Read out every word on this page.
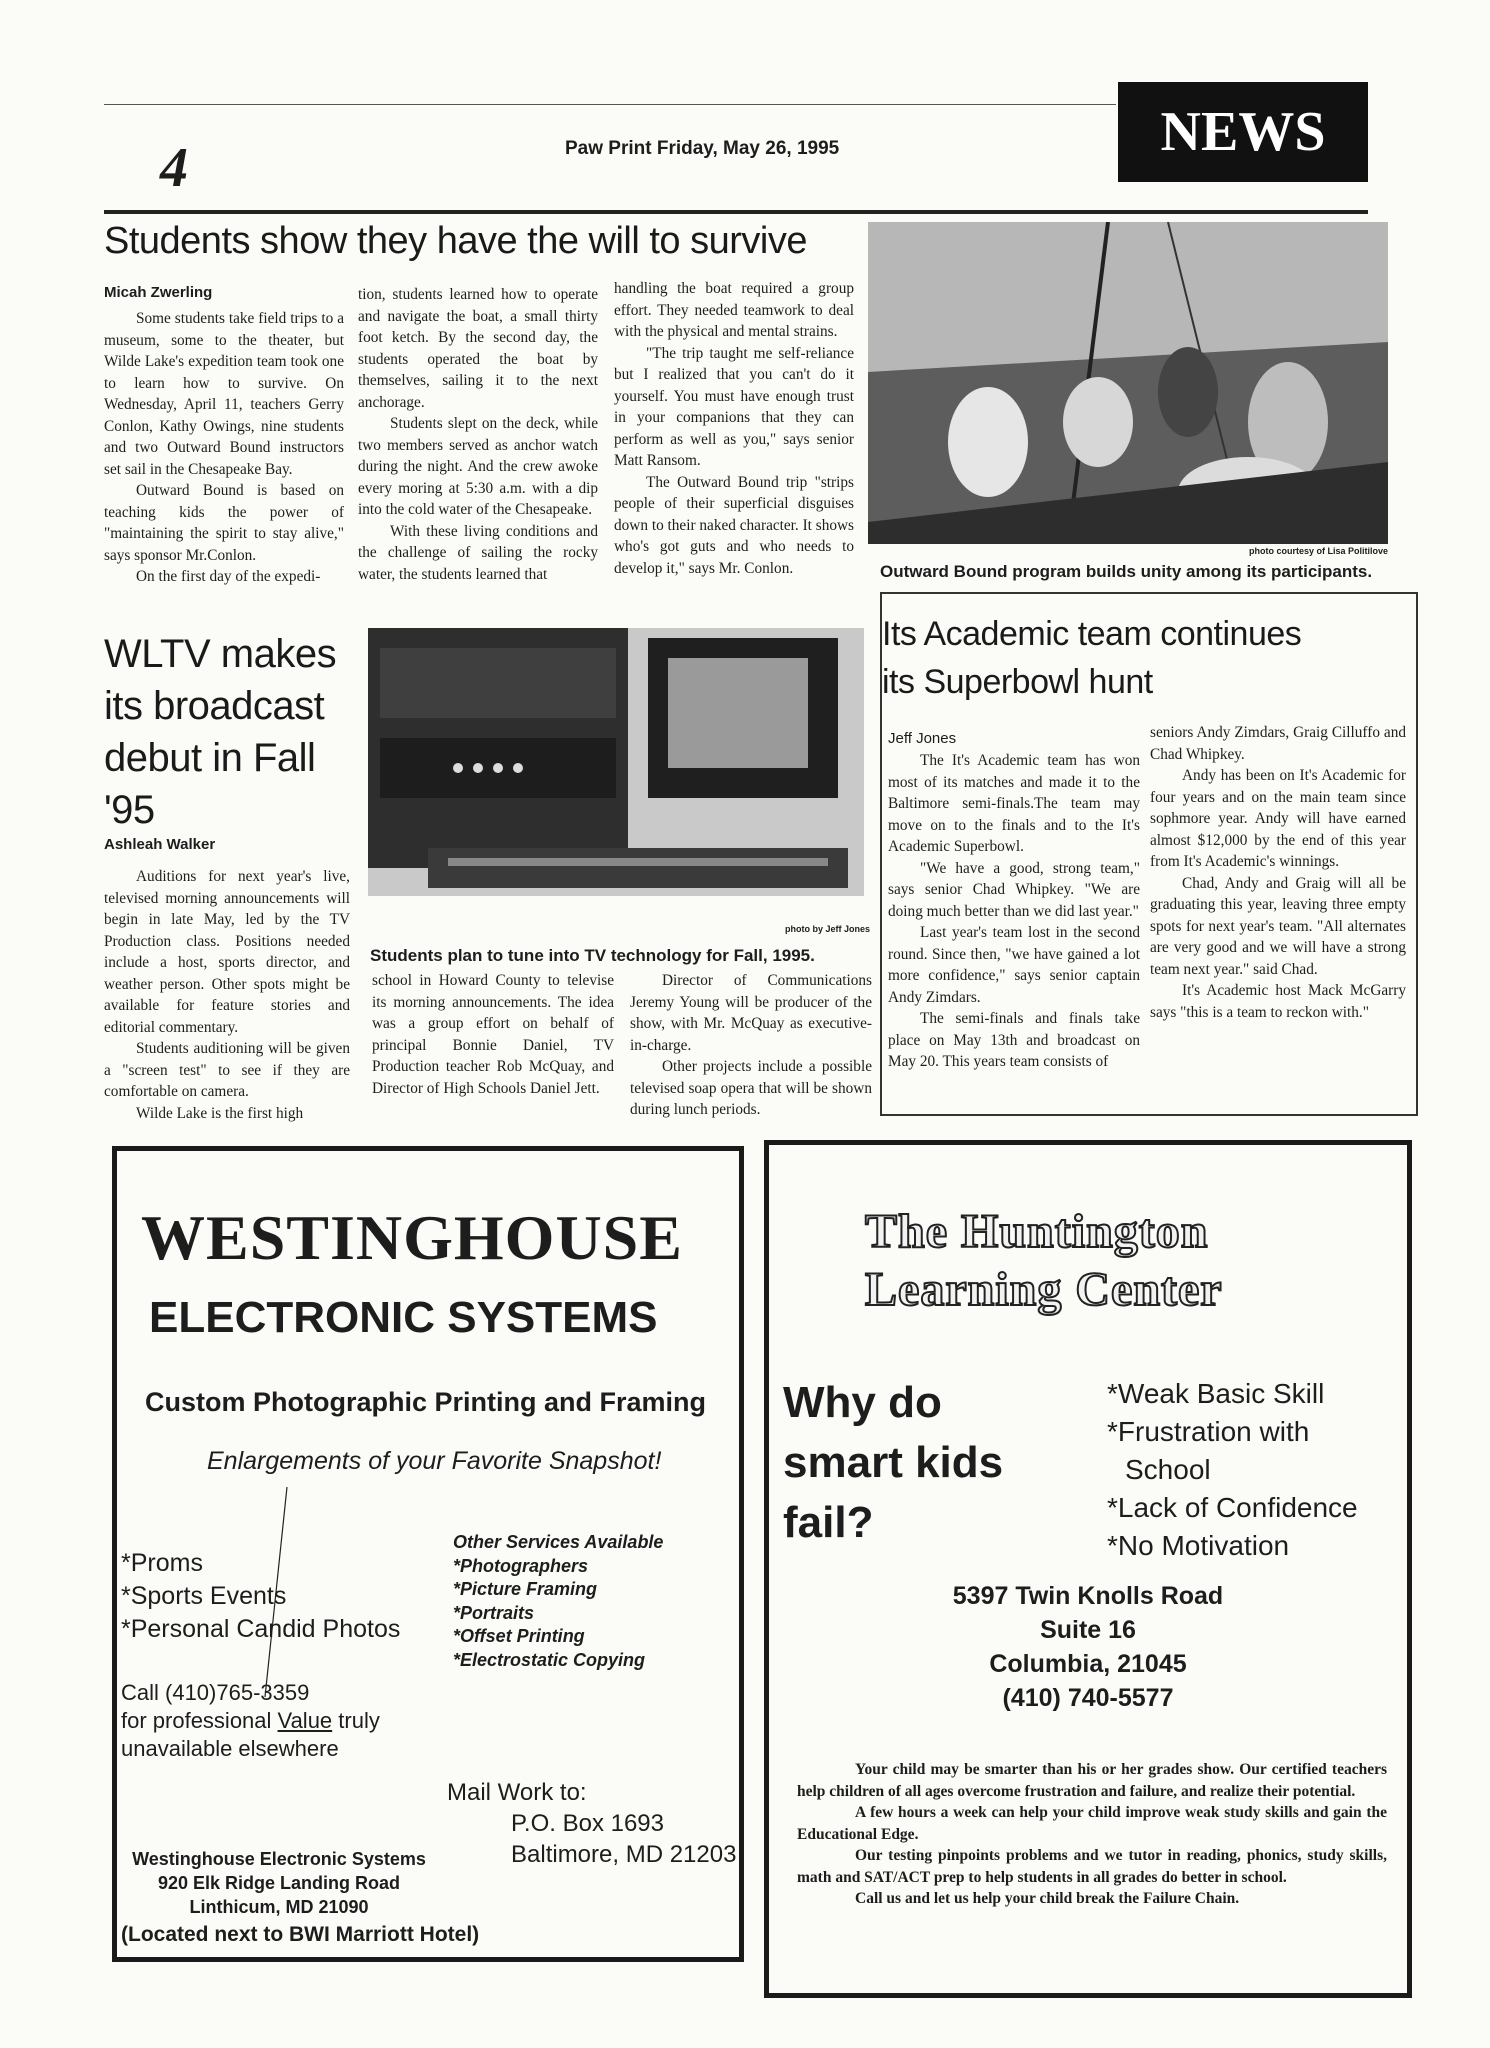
4	Paw Print Friday, May 26, 1995	NEWS
Students show they have the will to survive
Micah Zwerling

Some students take field trips to a museum, some to the theater, but Wilde Lake's expedition team took one to learn how to survive. On Wednesday, April 11, teachers Gerry Conlon, Kathy Owings, nine students and two Outward Bound instructors set sail in the Chesapeake Bay.

Outward Bound is based on teaching kids the power of "maintaining the spirit to stay alive," says sponsor Mr.Conlon.

On the first day of the expedi-

tion, students learned how to operate and navigate the boat, a small thirty foot ketch. By the second day, the students operated the boat by themselves, sailing it to the next anchorage.

Students slept on the deck, while two members served as anchor watch during the night. And the crew awoke every moring at 5:30 a.m. with a dip into the cold water of the Chesapeake.

With these living conditions and the challenge of sailing the rocky water, the students learned that

handling the boat required a group effort. They needed teamwork to deal with the physical and mental strains.

"The trip taught me self-reliance but I realized that you can't do it yourself. You must have enough trust in your companions that they can perform as well as you," says senior Matt Ransom.

The Outward Bound trip "strips people of their superficial disguises down to their naked character. It shows who's got guts and who needs to develop it," says Mr. Conlon.

photo courtesy of Lisa Politilove
Outward Bound program builds unity among its participants.
WLTV makes
its broadcast
debut in Fall
'95
Ashleah Walker

Auditions for next year's live, televised morning announcements will begin in late May, led by the TV Production class. Positions needed include a host, sports director, and weather person. Other spots might be available for feature stories and editorial commentary.

Students auditioning will be given a "screen test" to see if they are comfortable on camera.

Wilde Lake is the first high

photo by Jeff Jones
Students plan to tune into TV technology for Fall, 1995.

school in Howard County to televise its morning announcements. The idea was a group effort on behalf of principal Bonnie Daniel, TV Production teacher Rob McQuay, and Director of High Schools Daniel Jett.

Director of Communications Jeremy Young will be producer of the show, with Mr. McQuay as executive-in-charge.

Other projects include a possible televised soap opera that will be shown during lunch periods.

Its Academic team continues
its Superbowl hunt
Jeff Jones

The It's Academic team has won most of its matches and made it to the Baltimore semi-finals.The team may move on to the finals and to the It's Academic Superbowl.

"We have a good, strong team," says senior Chad Whipkey. "We are doing much better than we did last year."

Last year's team lost in the second round. Since then, "we have gained a lot more confidence," says senior captain Andy Zimdars.

The semi-finals and finals take place on May 13th and broadcast on May 20. This years team consists of

seniors Andy Zimdars, Graig Cilluffo and Chad Whipkey.

Andy has been on It's Academic for four years and on the main team since sophmore year. Andy will have earned almost $12,000 by the end of this year from It's Academic's winnings.

Chad, Andy and Graig will all be graduating this year, leaving three empty spots for next year's team. "All alternates are very good and we will have a strong team next year." said Chad.

It's Academic host Mack McGarry says "this is a team to reckon with."

WESTINGHOUSE
ELECTRONIC SYSTEMS
Custom Photographic Printing and Framing
Enlargements of your Favorite Snapshot!
*Proms
*Sports Events
*Personal Candid Photos
Other Services Available
*Photographers
*Picture Framing
*Portraits
*Offset Printing
*Electrostatic Copying
Call (410)765-3359
for professional Value truly
unavailable elsewhere
Mail Work to:
P.O. Box 1693
Baltimore, MD 21203
Westinghouse Electronic Systems
920 Elk Ridge Landing Road
Linthicum, MD 21090
(Located next to BWI Marriott Hotel)
The Huntington
Learning Center
Why do
smart kids
fail?
*Weak Basic Skill
*Frustration with
School
*Lack of Confidence
*No Motivation
5397 Twin Knolls Road
Suite 16
Columbia, 21045
(410) 740-5577

Your child may be smarter than his or her grades show. Our certified teachers help children of all ages overcome frustration and failure, and realize their potential.

A few hours a week can help your child improve weak study skills and gain the Educational Edge.

Our testing pinpoints problems and we tutor in reading, phonics, study skills, math and SAT/ACT prep to help students in all grades do better in school.

Call us and let us help your child break the Failure Chain.
